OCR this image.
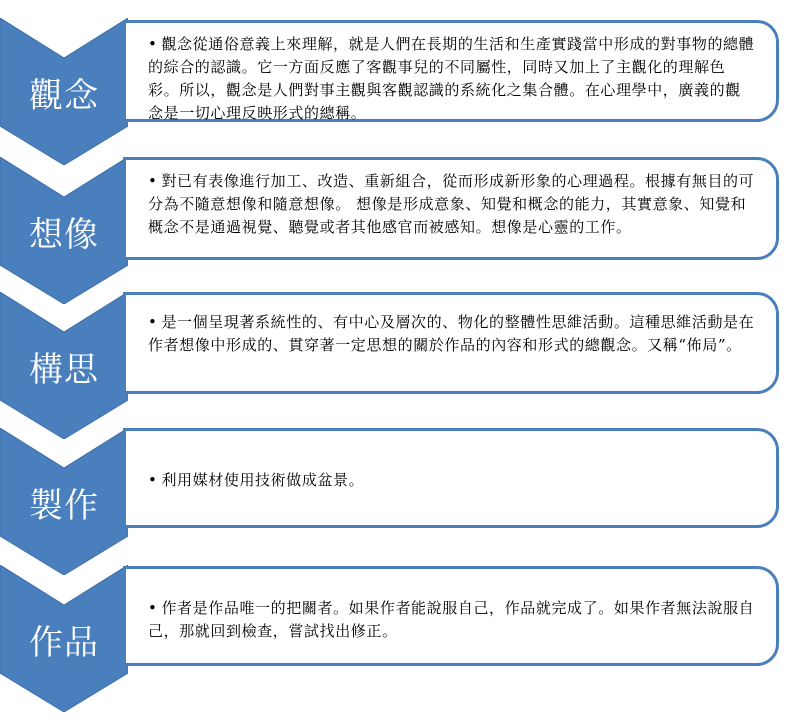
觀念

• 觀念從通俗意義上來理解，就是人們在長期的生活和生產實踐當中形成的對事物的總體的綜合的認識。它一方面反應了客觀事兒的不同屬性，同時又加上了主觀化的理解色彩。所以，觀念是人們對事主觀與客觀認識的系統化之集合體。在心理學中，廣義的觀念是一切心理反映形式的總稱。

想像

• 對已有表像進行加工、改造、重新組合，從而形成新形象的心理過程。根據有無目的可分為不隨意想像和隨意想像。 想像是形成意象、知覺和概念的能力，其實意象、知覺和概念不是通過視覺、聽覺或者其他感官而被感知。想像是心靈的工作。

構思

• 是一個呈現著系統性的、有中心及層次的、物化的整體性思維活動。這種思維活動是在作者想像中形成的、貫穿著一定思想的關於作品的內容和形式的總觀念。又稱“佈局”。

製作

• 利用媒材使用技術做成盆景。

作品

• 作者是作品唯一的把關者。如果作者能說服自己，作品就完成了。如果作者無法說服自己，那就回到檢查，嘗試找出修正。
